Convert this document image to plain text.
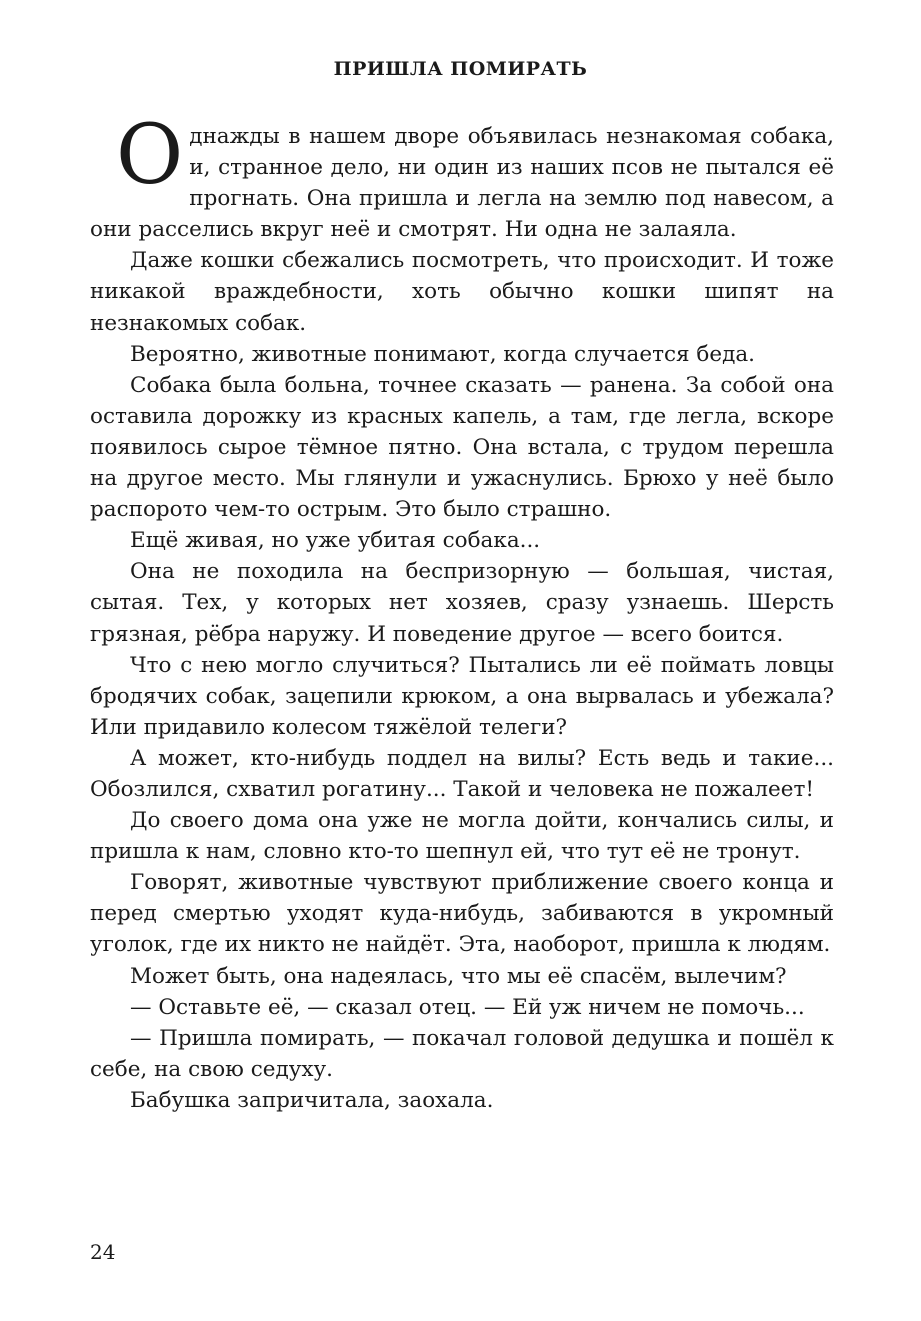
ПРИШЛА ПОМИРАТЬ

Однажды в нашем дворе объявилась незнакомая собака, и, странное дело, ни один из наших псов не пытался её прогнать. Она пришла и легла на землю под навесом, а они расселись вкруг неё и смотрят. Ни одна не залаяла.

Даже кошки сбежались посмотреть, что происходит. И тоже никакой враждебности, хоть обычно кошки шипят на незнакомых собак.

Вероятно, животные понимают, когда случается беда.

Собака была больна, точнее сказать — ранена. За собой она оставила дорожку из красных капель, а там, где легла, вскоре появилось сырое тёмное пятно. Она встала, с трудом перешла на другое место. Мы глянули и ужаснулись. Брюхо у неё было распорото чем-то острым. Это было страшно.

Ещё живая, но уже убитая собака...

Она не походила на беспризорную — большая, чистая, сытая. Тех, у которых нет хозяев, сразу узнаешь. Шерсть грязная, рёбра наружу. И поведение другое — всего боится.

Что с нею могло случиться? Пытались ли её поймать ловцы бродячих собак, зацепили крюком, а она вырвалась и убежала? Или придавило колесом тяжёлой телеги?

А может, кто-нибудь поддел на вилы? Есть ведь и такие... Обозлился, схватил рогатину... Такой и человека не пожалеет!

До своего дома она уже не могла дойти, кончались силы, и пришла к нам, словно кто-то шепнул ей, что тут её не тронут.

Говорят, животные чувствуют приближение своего конца и перед смертью уходят куда-нибудь, забиваются в укромный уголок, где их никто не найдёт. Эта, наоборот, пришла к людям.

Может быть, она надеялась, что мы её спасём, вылечим?

— Оставьте её, — сказал отец. — Ей уж ничем не помочь...

— Пришла помирать, — покачал головой дедушка и пошёл к себе, на свою седуху.

Бабушка запричитала, заохала.

24
